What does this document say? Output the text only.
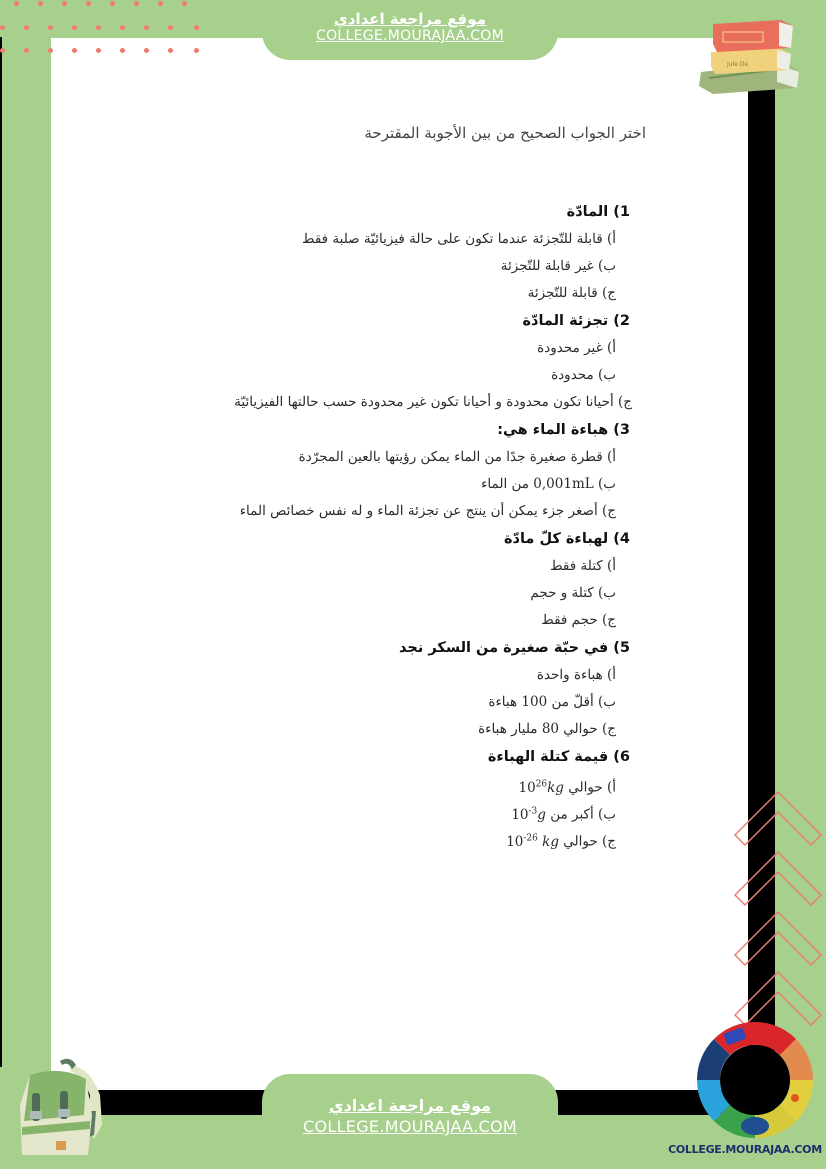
موقع مراجعة اعدادي
COLLEGE.MOURAJAA.COM
Jule De
اختر الجواب الصحيح من بين الأجوبة المقترحة
1) المادّة
أ) قابلة للتّجزئة عندما تكون على حالة فيزيائيّة صلبة فقط
ب) غير قابلة للتّجزئة
ج) قابلة للتّجزئة
2) تجزئة المادّة
أ) غير محدودة
ب) محدودة
ج) أحيانا تكون محدودة و أحيانا تكون غير محدودة حسب حالتها الفيزيائيّة
3) هباءة الماء هي:
أ) قطرة صغيرة جدًا من الماء يمكن رؤيتها بالعين المجرّدة
ب) 0,001mL من الماء
ج) أصغر جزء يمكن أن ينتج عن تجزئة الماء و له نفس خصائص الماء
4) لهباءة كلّ مادّة
أ) كتلة فقط
ب) كتلة و حجم
ج) حجم فقط
5) في حبّة صغيرة من السكر نجد
أ) هباءة واحدة
ب) أقلّ من 100 هباءة
ج) حوالي 80 مليار هباءة
6) قيمة كتلة الهباءة
أ) حوالي $10^{26}kg$
ب) أكبر من $10^{-3}g$
ج) حوالي $10^{-26}$ kg
COLLEGE.MOURAJAA.COM
موقع مراجعة اعدادي
COLLEGE.MOURAJAA.COM
